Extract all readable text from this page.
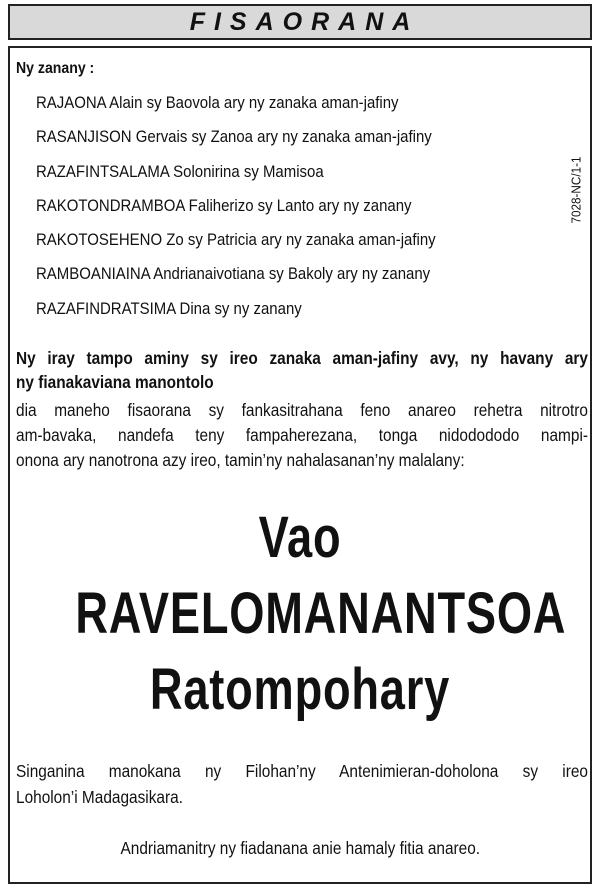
FISAORANA
Ny zanany :
RAJAONA Alain sy Baovola ary ny zanaka aman-jafiny
RASANJISON Gervais sy Zanoa ary ny zanaka aman-jafiny
RAZAFINTSALAMA Solonirina sy Mamisoa
RAKOTONDRAMBOA Faliherizo sy Lanto ary ny zanany
RAKOTOSEHENO Zo sy Patricia ary ny zanaka aman-jafiny
RAMBOANIAINA Andrianaivotiana sy Bakoly ary ny zanany
RAZAFINDRATSIMA Dina sy ny zanany
7028-NC/1-1

Ny iray tampo aminy sy ireo zanaka aman-jafiny avy, ny havany ary

ny fianakaviana manontolo

dia maneho fisaorana sy fankasitrahana feno anareo rehetra nitrotro

am-bavaka, nandefa teny fampaherezana, tonga nidodododo nampi-

onona ary nanotrona azy ireo, tamin’ny nahalasanan’ny malalany:

Vao
RAVELOMANANTSOA
Ratompohary

Singanina manokana ny Filohan’ny Antenimieran-doholona sy ireo

Loholon’i Madagasikara.

Andriamanitry ny fiadanana anie hamaly fitia anareo.
